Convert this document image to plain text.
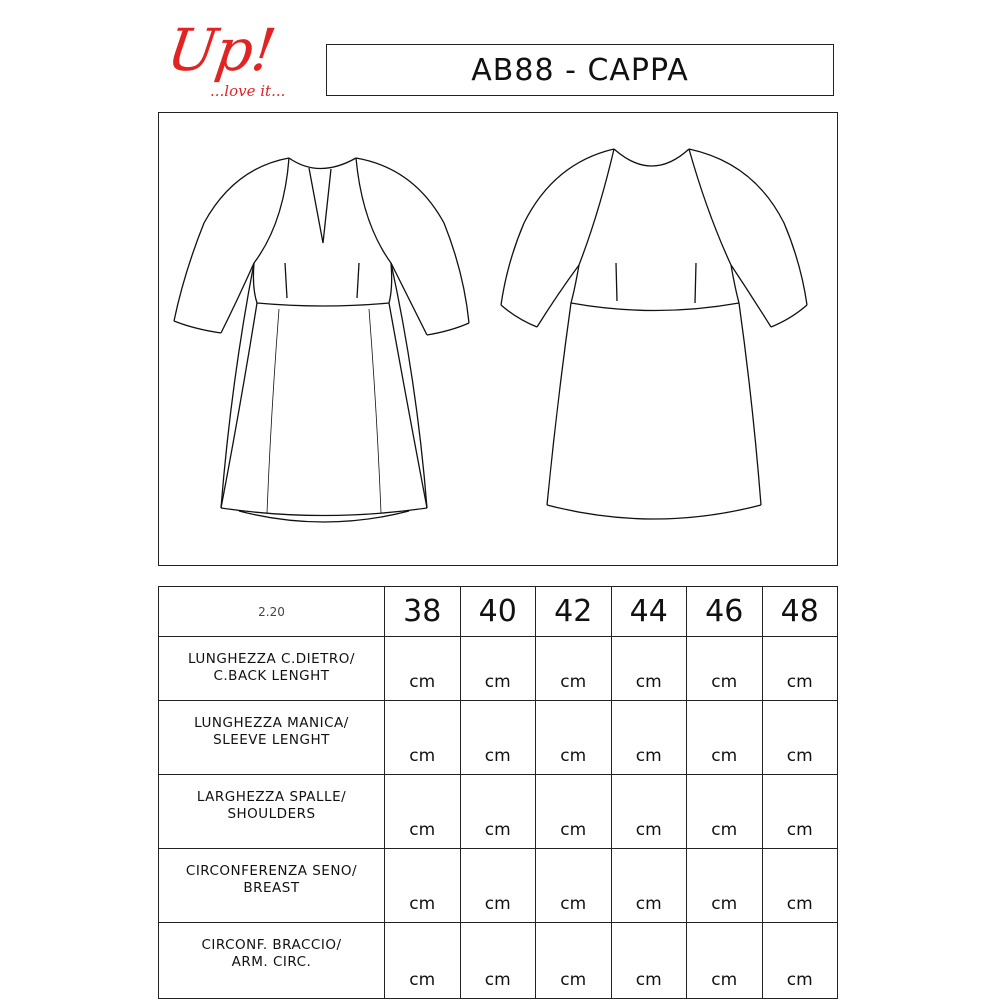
Up!
...love it...
AB88 - CAPPA
2.20	38	40	42	44	46	48

LUNGHEZZA C.DIETRO/
C.BACK LENGHT	cm	cm	cm	cm	cm	cm

LUNGHEZZA MANICA/
SLEEVE LENGHT	cm	cm	cm	cm	cm	cm

LARGHEZZA SPALLE/
SHOULDERS	cm	cm	cm	cm	cm	cm

CIRCONFERENZA SENO/
BREAST	cm	cm	cm	cm	cm	cm

CIRCONF. BRACCIO/
ARM. CIRC.	cm	cm	cm	cm	cm	cm
